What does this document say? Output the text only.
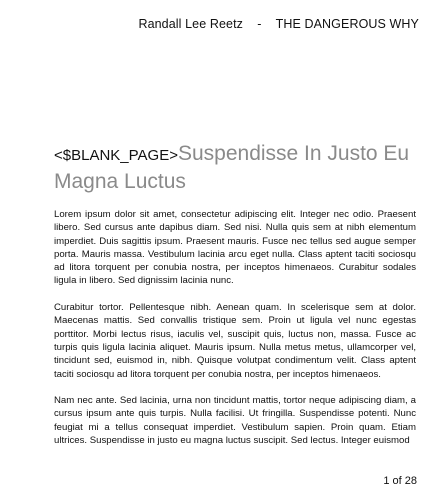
Randall Lee Reetz    -    THE DANGEROUS WHY
<$BLANK_PAGE>Suspendisse In Justo Eu Magna Luctus

Lorem ipsum dolor sit amet, consectetur adipiscing elit. Integer nec odio. Praesent libero. Sed cursus ante dapibus diam. Sed nisi. Nulla quis sem at nibh elementum imperdiet. Duis sagittis ipsum. Praesent mauris. Fusce nec tellus sed augue semper porta. Mauris massa. Vestibulum lacinia arcu eget nulla. Class aptent taciti sociosqu ad litora torquent per conubia nostra, per inceptos himenaeos. Curabitur sodales ligula in libero. Sed dignissim lacinia nunc.

Curabitur tortor. Pellentesque nibh. Aenean quam. In scelerisque sem at dolor. Maecenas mattis. Sed convallis tristique sem. Proin ut ligula vel nunc egestas porttitor. Morbi lectus risus, iaculis vel, suscipit quis, luctus non, massa. Fusce ac turpis quis ligula lacinia aliquet. Mauris ipsum. Nulla metus metus, ullamcorper vel, tincidunt sed, euismod in, nibh. Quisque volutpat condimentum velit. Class aptent taciti sociosqu ad litora torquent per conubia nostra, per inceptos himenaeos.

Nam nec ante. Sed lacinia, urna non tincidunt mattis, tortor neque adipiscing diam, a cursus ipsum ante quis turpis. Nulla facilisi. Ut fringilla. Suspendisse potenti. Nunc feugiat mi a tellus consequat imperdiet. Vestibulum sapien. Proin quam. Etiam ultrices. Suspendisse in justo eu magna luctus suscipit. Sed lectus. Integer euismod

1 of 28
